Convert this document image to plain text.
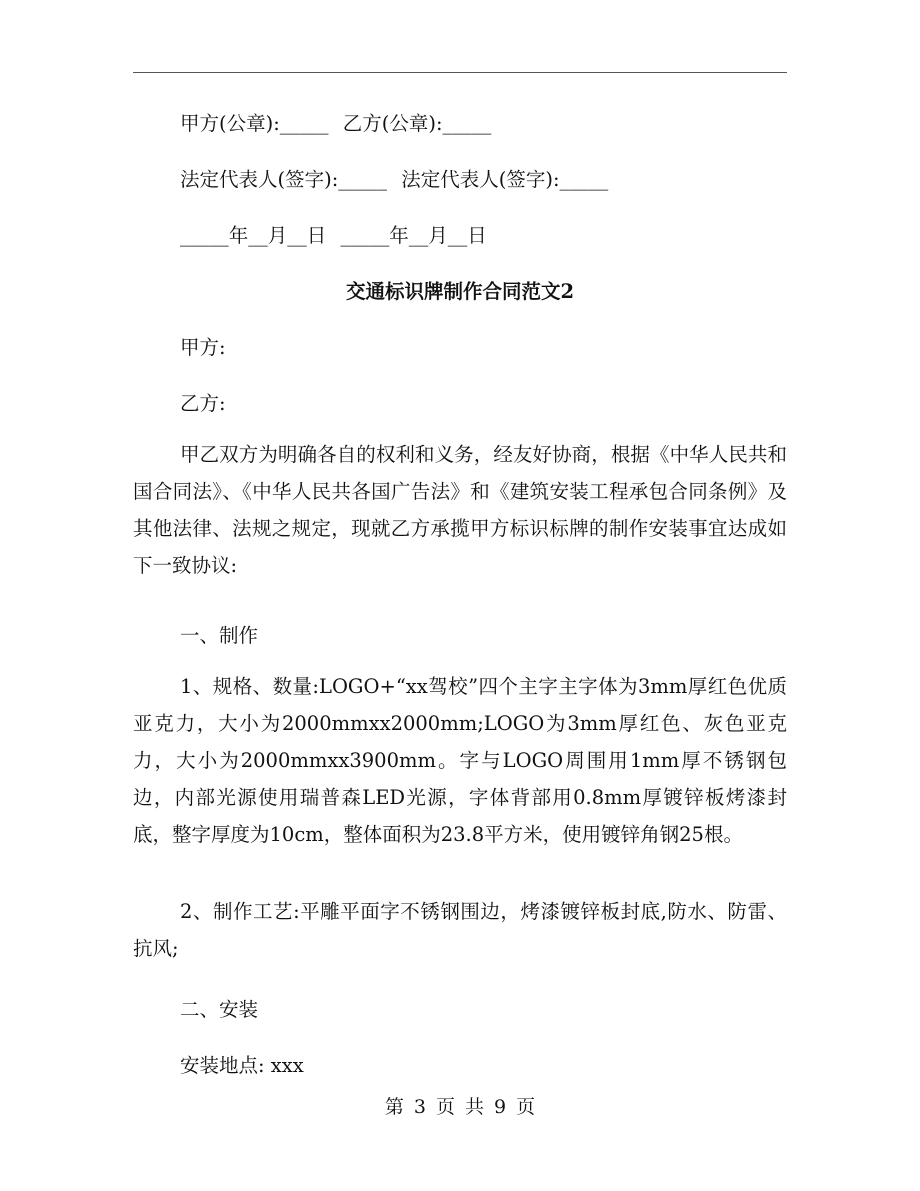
甲方(公章):_____ 乙方(公章):_____
法定代表人(签字):_____ 法定代表人(签字):_____
_____年__月__日 _____年__月__日
交通标识牌制作合同范文2
甲方:
乙方:

甲乙双方为明确各自的权利和义务，经友好协商，根据《中华人民共和国合同法》、《中华人民共各国广告法》和《建筑安装工程承包合同条例》及其他法律、法规之规定，现就乙方承揽甲方标识标牌的制作安装事宜达成如下一致协议:

一、制作

1、规格、数量:LOGO+“xx驾校”四个主字主字体为3mm厚红色优质亚克力，大小为2000mmxx2000mm;LOGO为3mm厚红色、灰色亚克力，大小为2000mmxx3900mm。字与LOGO周围用1mm厚不锈钢包边，内部光源使用瑞普森LED光源，字体背部用0.8mm厚镀锌板烤漆封底，整字厚度为10cm，整体面积为23.8平方米，使用镀锌角钢25根。

2、制作工艺:平雕平面字不锈钢围边，烤漆镀锌板封底,防水、防雷、抗风;

二、安装
安装地点: xxx
第 3 页 共 9 页
